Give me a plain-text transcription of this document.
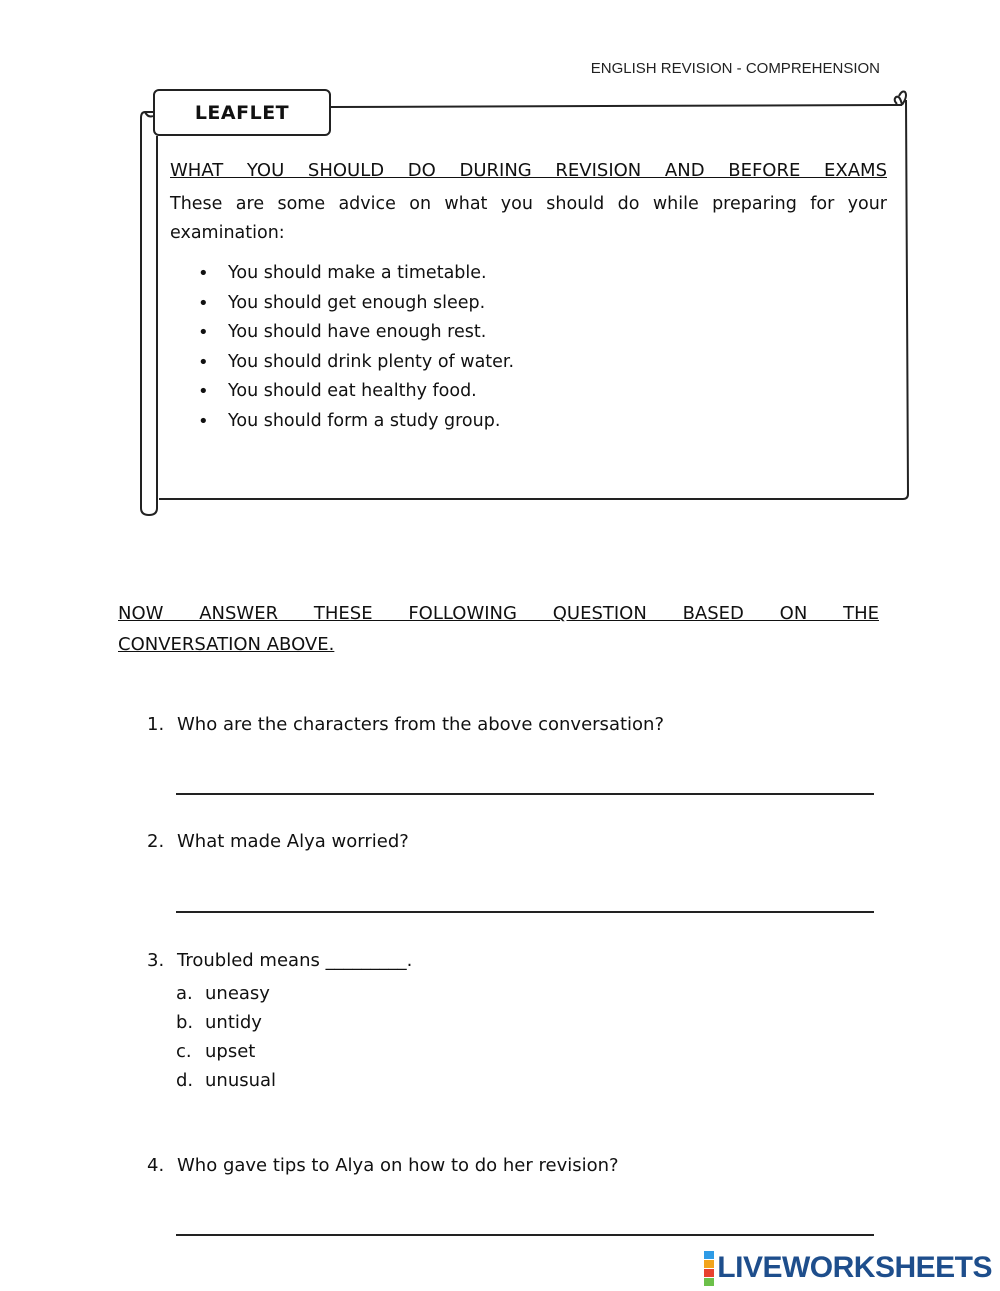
ENGLISH REVISION - COMPREHENSION
LEAFLET
WHAT YOU SHOULD DO DURING REVISION AND BEFORE EXAMS
These are some advice on what you should do while preparing for your examination:
• You should make a timetable.
• You should get enough sleep.
• You should have enough rest.
• You should drink plenty of water.
• You should eat healthy food.
• You should form a study group.
NOW ANSWER THESE FOLLOWING QUESTION BASED ON THE
CONVERSATION ABOVE.
1. Who are the characters from the above conversation?
2. What made Alya worried?
3. Troubled means _________.
a. uneasy
b. untidy
c. upset
d. unusual
4. Who gave tips to Alya on how to do her revision?
LIVEWORKSHEETS
